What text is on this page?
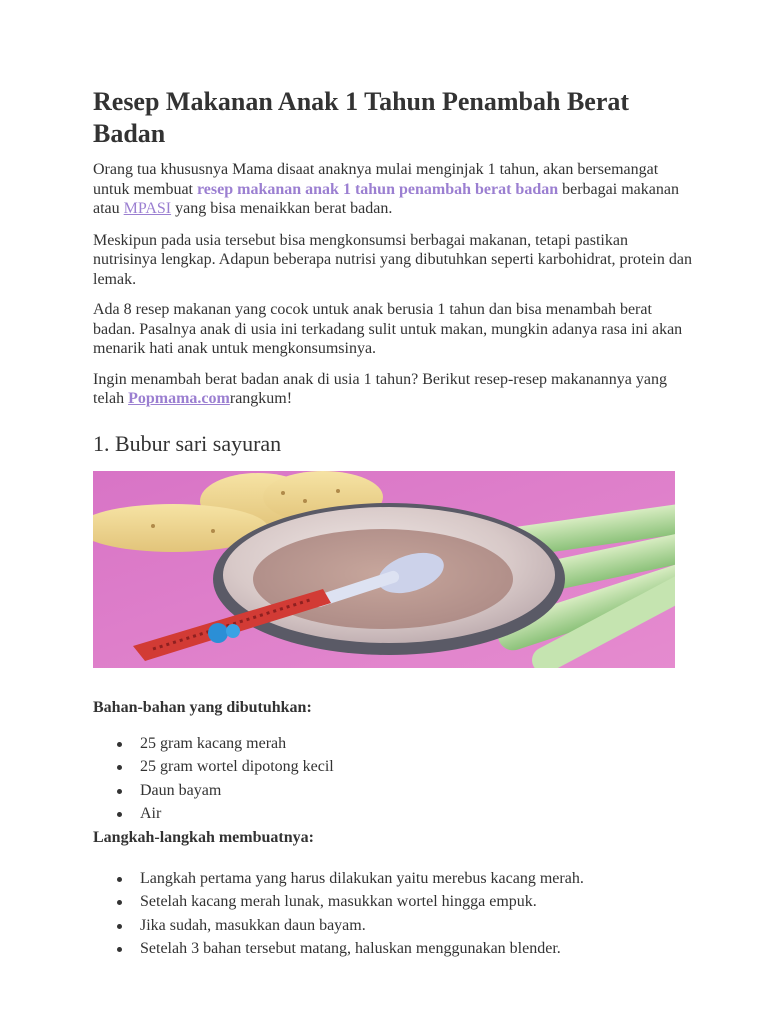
Resep Makanan Anak 1 Tahun Penambah Berat Badan

Orang tua khususnya Mama disaat anaknya mulai menginjak 1 tahun, akan bersemangat untuk membuat resep makanan anak 1 tahun penambah berat badan berbagai makanan atau MPASI yang bisa menaikkan berat badan.

Meskipun pada usia tersebut bisa mengkonsumsi berbagai makanan, tetapi pastikan nutrisinya lengkap. Adapun beberapa nutrisi yang dibutuhkan seperti karbohidrat, protein dan lemak.

Ada 8 resep makanan yang cocok untuk anak berusia 1 tahun dan bisa menambah berat badan. Pasalnya anak di usia ini terkadang sulit untuk makan, mungkin adanya rasa ini akan menarik hati anak untuk mengkonsumsinya.

Ingin menambah berat badan anak di usia 1 tahun? Berikut resep-resep makanannya yang telah Popmama.comrangkum!

1. Bubur sari sayuran
Bahan-bahan yang dibutuhkan:
25 gram kacang merah
25 gram wortel dipotong kecil
Daun bayam
Air
Langkah-langkah membuatnya:
Langkah pertama yang harus dilakukan yaitu merebus kacang merah.
Setelah kacang merah lunak, masukkan wortel hingga empuk.
Jika sudah, masukkan daun bayam.
Setelah 3 bahan tersebut matang, haluskan menggunakan blender.
